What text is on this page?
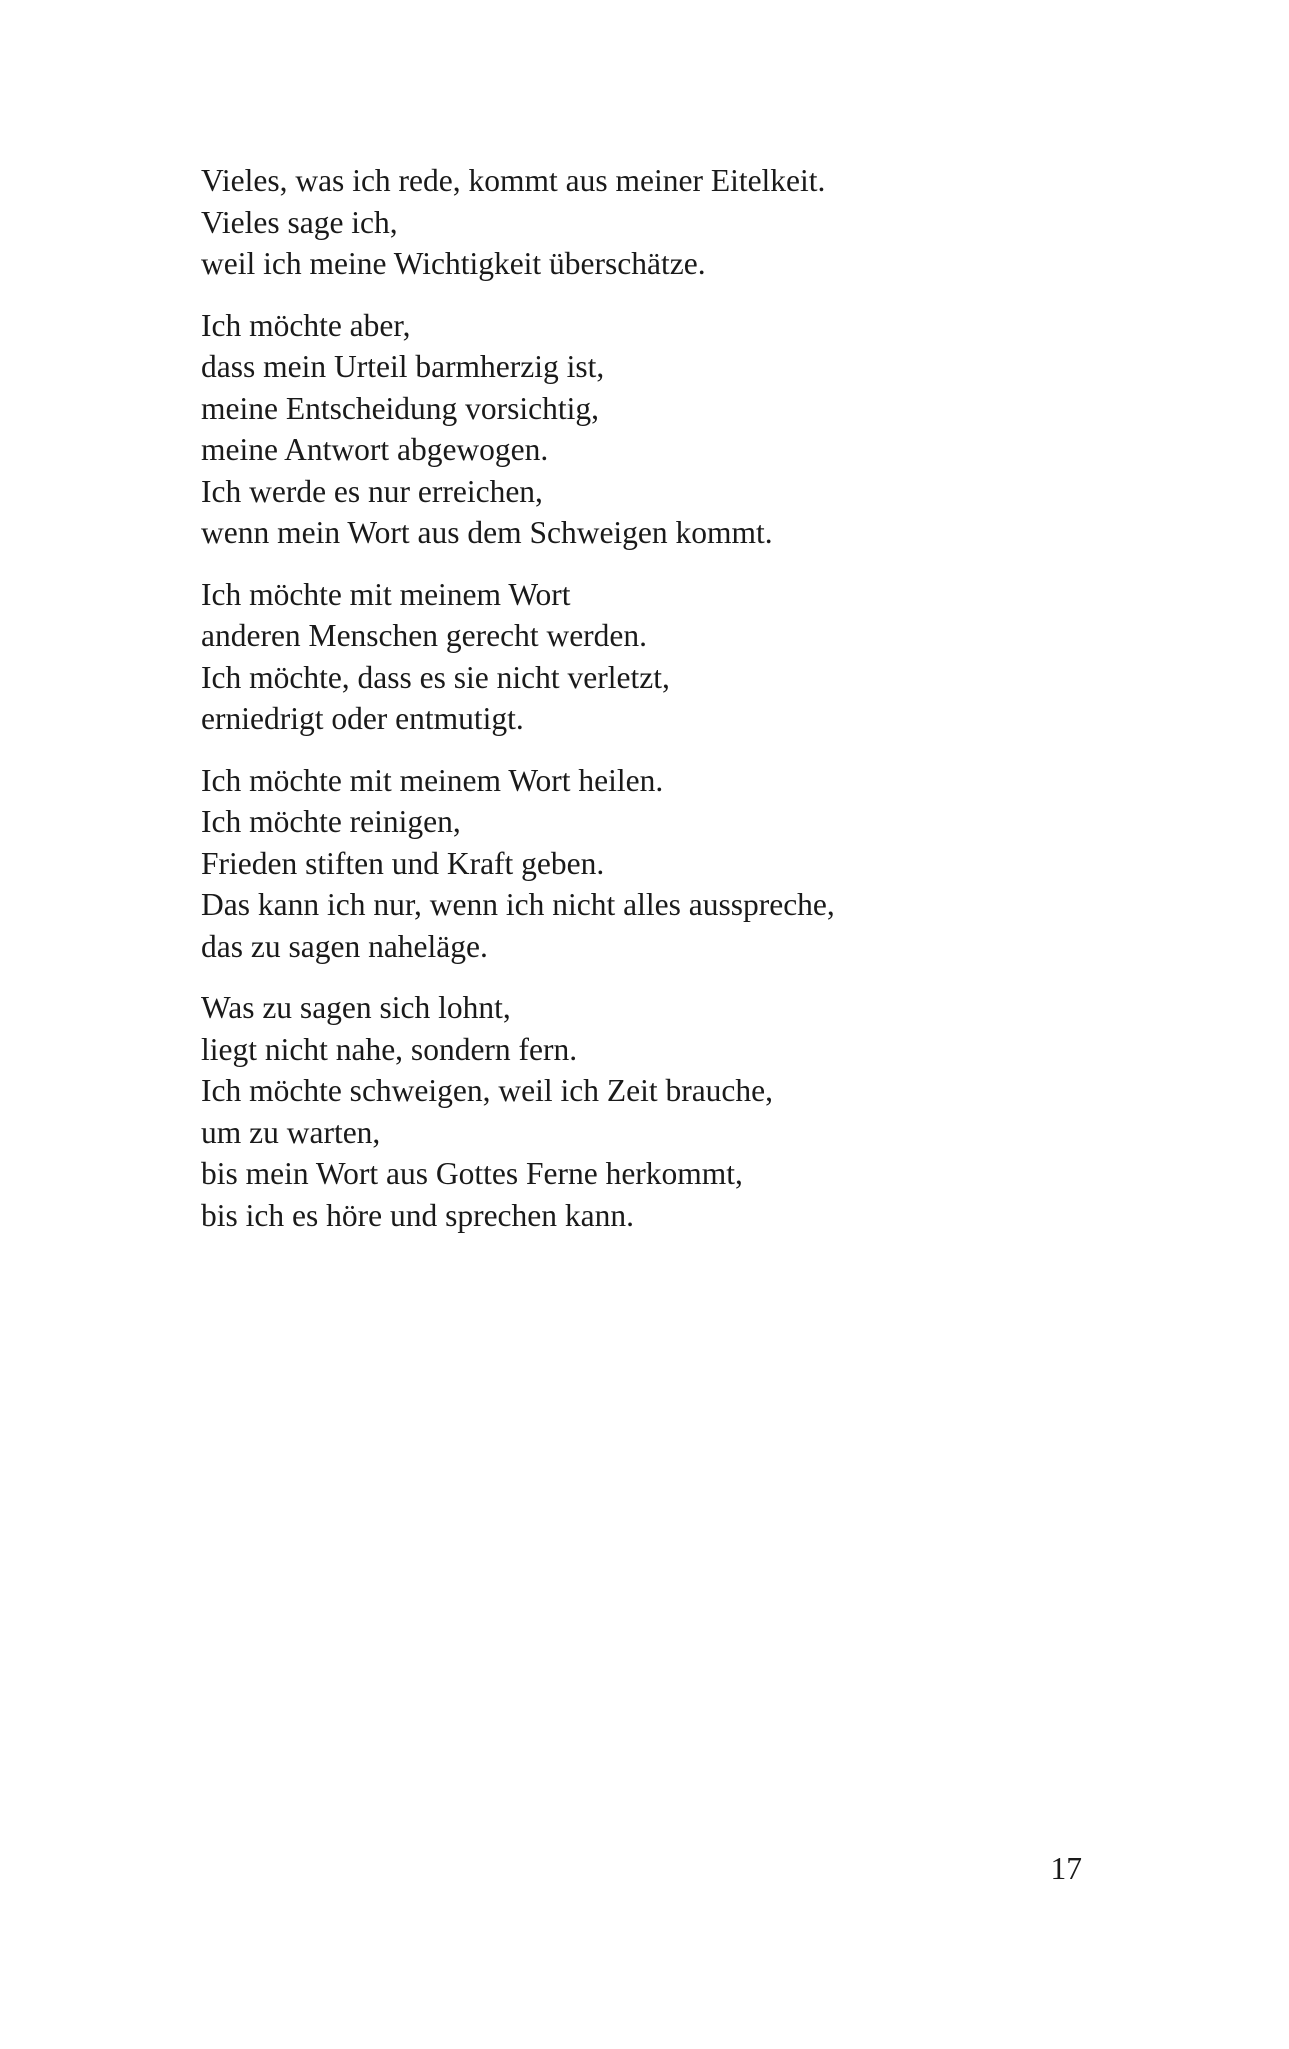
Vieles, was ich rede, kommt aus meiner Eitelkeit.
Vieles sage ich,
weil ich meine Wichtigkeit überschätze.
Ich möchte aber,
dass mein Urteil barmherzig ist,
meine Entscheidung vorsichtig,
meine Antwort abgewogen.
Ich werde es nur erreichen,
wenn mein Wort aus dem Schweigen kommt.
Ich möchte mit meinem Wort
anderen Menschen gerecht werden.
Ich möchte, dass es sie nicht verletzt,
erniedrigt oder entmutigt.
Ich möchte mit meinem Wort heilen.
Ich möchte reinigen,
Frieden stiften und Kraft geben.
Das kann ich nur, wenn ich nicht alles ausspreche,
das zu sagen naheläge.
Was zu sagen sich lohnt,
liegt nicht nahe, sondern fern.
Ich möchte schweigen, weil ich Zeit brauche,
um zu warten,
bis mein Wort aus Gottes Ferne herkommt,
bis ich es höre und sprechen kann.
17
